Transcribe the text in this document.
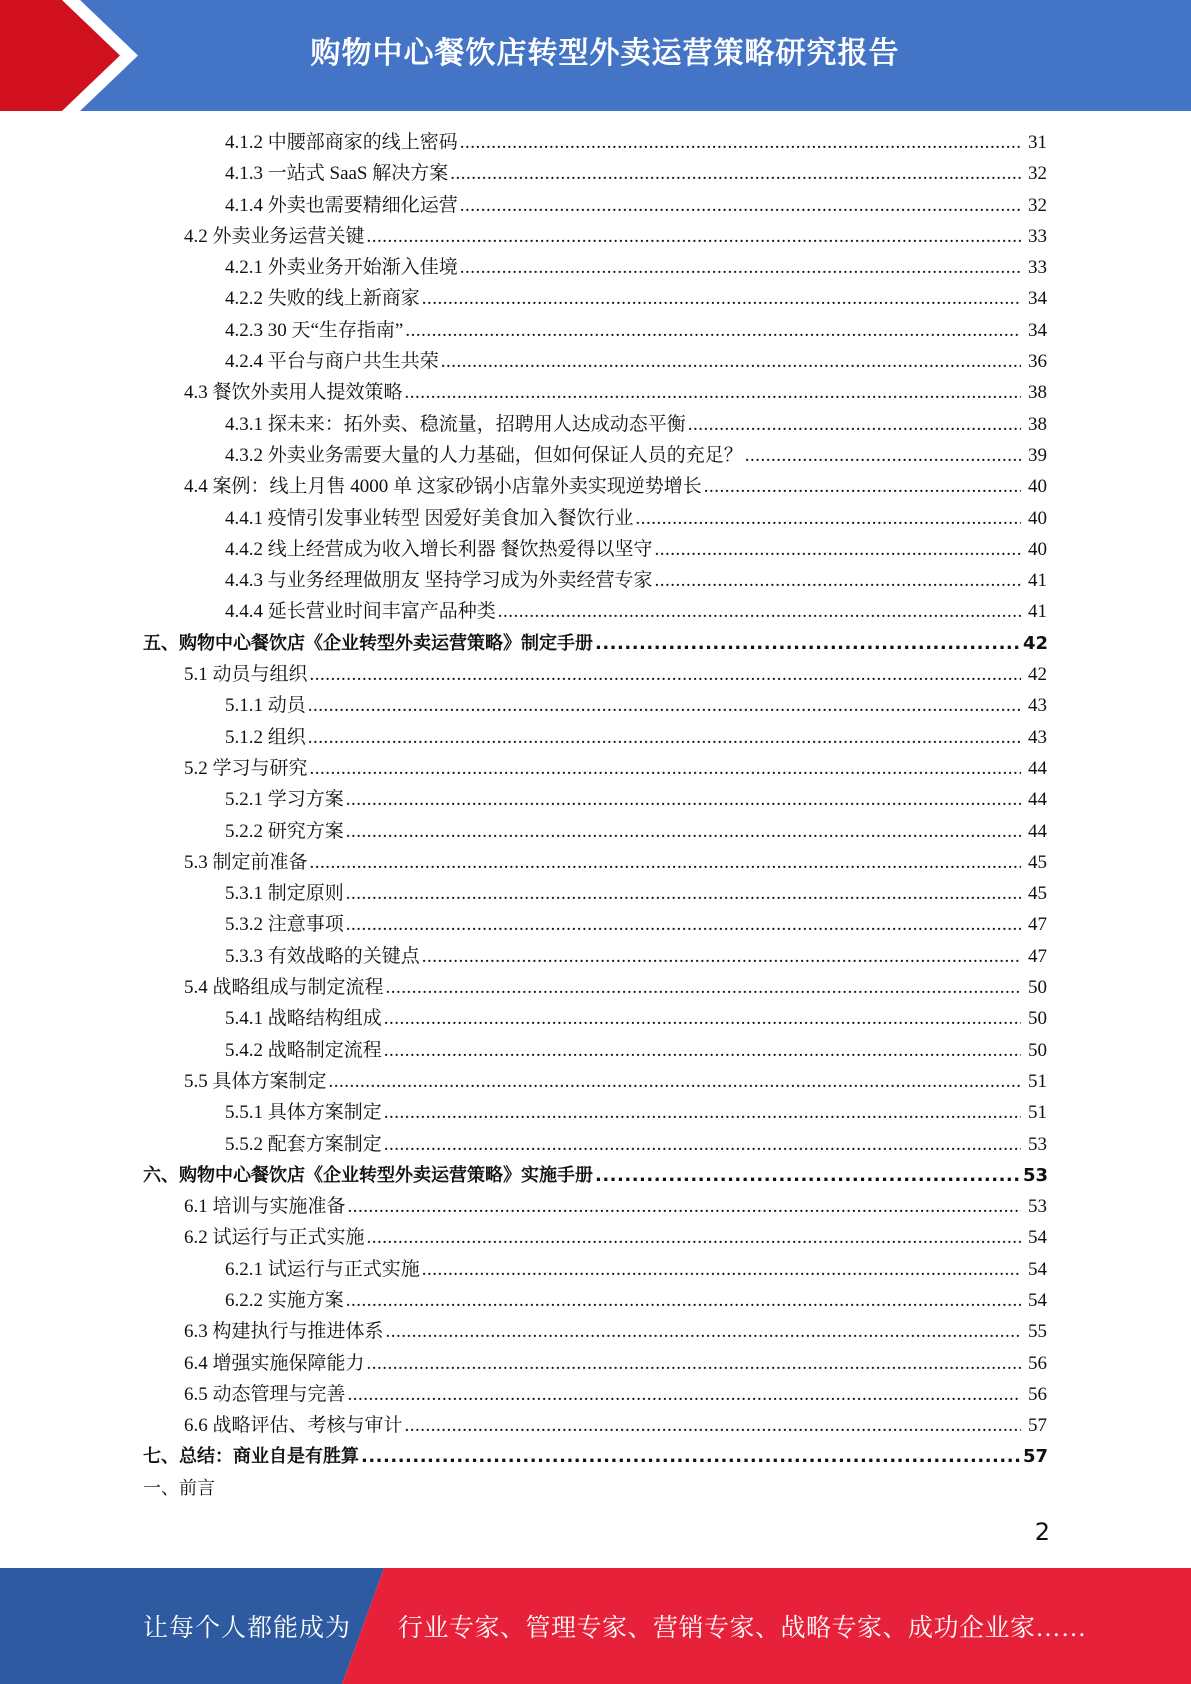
购物中心餐饮店转型外卖运营策略研究报告
4.1.2 中腰部商家的线上密码 .....	31
4.1.3 一站式 SaaS 解决方案 .....	32
4.1.4 外卖也需要精细化运营 .....	32
4.2 外卖业务运营关键 .....	33
4.2.1 外卖业务开始渐入佳境 .....	33
4.2.2 失败的线上新商家 .....	34
4.2.3 30 天“生存指南” .....	34
4.2.4 平台与商户共生共荣 .....	36
4.3 餐饮外卖用人提效策略 .....	38
4.3.1 探未来：拓外卖、稳流量，招聘用人达成动态平衡 .....	38
4.3.2 外卖业务需要大量的人力基础，但如何保证人员的充足？ .....	39
4.4 案例：线上月售 4000 单 这家砂锅小店靠外卖实现逆势增长 .....	40
4.4.1 疫情引发事业转型 因爱好美食加入餐饮行业 .....	40
4.4.2 线上经营成为收入增长利器 餐饮热爱得以坚守 .....	40
4.4.3 与业务经理做朋友 坚持学习成为外卖经营专家 .....	41
4.4.4 延长营业时间丰富产品种类 .....	41
五、购物中心餐饮店《企业转型外卖运营策略》制定手册 .....	42
5.1 动员与组织 .....	42
5.1.1 动员 .....	43
5.1.2 组织 .....	43
5.2 学习与研究 .....	44
5.2.1 学习方案 .....	44
5.2.2 研究方案 .....	44
5.3 制定前准备 .....	45
5.3.1 制定原则 .....	45
5.3.2 注意事项 .....	47
5.3.3 有效战略的关键点 .....	47
5.4 战略组成与制定流程 .....	50
5.4.1 战略结构组成 .....	50
5.4.2 战略制定流程 .....	50
5.5 具体方案制定 .....	51
5.5.1 具体方案制定 .....	51
5.5.2 配套方案制定 .....	53
六、购物中心餐饮店《企业转型外卖运营策略》实施手册 .....	53
6.1 培训与实施准备 .....	53
6.2 试运行与正式实施 .....	54
6.2.1 试运行与正式实施 .....	54
6.2.2 实施方案 .....	54
6.3 构建执行与推进体系 .....	55
6.4 增强实施保障能力 .....	56
6.5 动态管理与完善 .....	56
6.6 战略评估、考核与审计 .....	57
七、总结：商业自是有胜算 .....	57
一、前言
2
让每个人都能成为 行业专家、管理专家、营销专家、战略专家、成功企业家……
